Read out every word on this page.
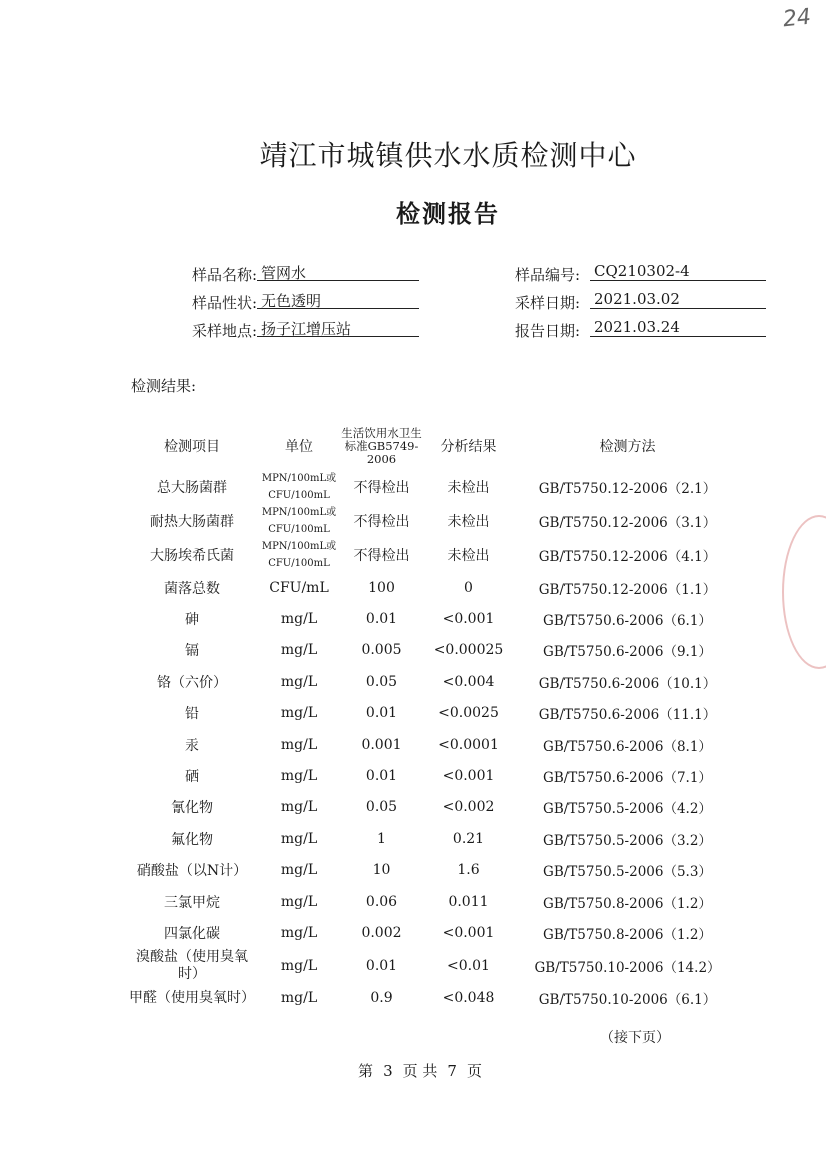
24
靖江市城镇供水水质检测中心
检测报告
样品名称: 管网水
样品性状: 无色透明
采样地点: 扬子江增压站
样品编号: CQ210302-4
采样日期: 2021.03.02
报告日期: 2021.03.24
检测结果:
检测项目	单位	生活饮用水卫生标准GB5749-2006	分析结果	检测方法
总大肠菌群	MPN/100mL或CFU/100mL	不得检出	未检出	GB/T5750.12-2006（2.1）
耐热大肠菌群	MPN/100mL或CFU/100mL	不得检出	未检出	GB/T5750.12-2006（3.1）
大肠埃希氏菌	MPN/100mL或CFU/100mL	不得检出	未检出	GB/T5750.12-2006（4.1）
菌落总数	CFU/mL	100	0	GB/T5750.12-2006（1.1）
砷	mg/L	0.01	<0.001	GB/T5750.6-2006（6.1）
镉	mg/L	0.005	<0.00025	GB/T5750.6-2006（9.1）
铬（六价）	mg/L	0.05	<0.004	GB/T5750.6-2006（10.1）
铅	mg/L	0.01	<0.0025	GB/T5750.6-2006（11.1）
汞	mg/L	0.001	<0.0001	GB/T5750.6-2006（8.1）
硒	mg/L	0.01	<0.001	GB/T5750.6-2006（7.1）
氰化物	mg/L	0.05	<0.002	GB/T5750.5-2006（4.2）
氟化物	mg/L	1	0.21	GB/T5750.5-2006（3.2）
硝酸盐（以N计）	mg/L	10	1.6	GB/T5750.5-2006（5.3）
三氯甲烷	mg/L	0.06	0.011	GB/T5750.8-2006（1.2）
四氯化碳	mg/L	0.002	<0.001	GB/T5750.8-2006（1.2）
溴酸盐（使用臭氧时）	mg/L	0.01	<0.01	GB/T5750.10-2006（14.2）
甲醛（使用臭氧时）	mg/L	0.9	<0.048	GB/T5750.10-2006（6.1）
（接下页）
第 3 页 共 7 页
